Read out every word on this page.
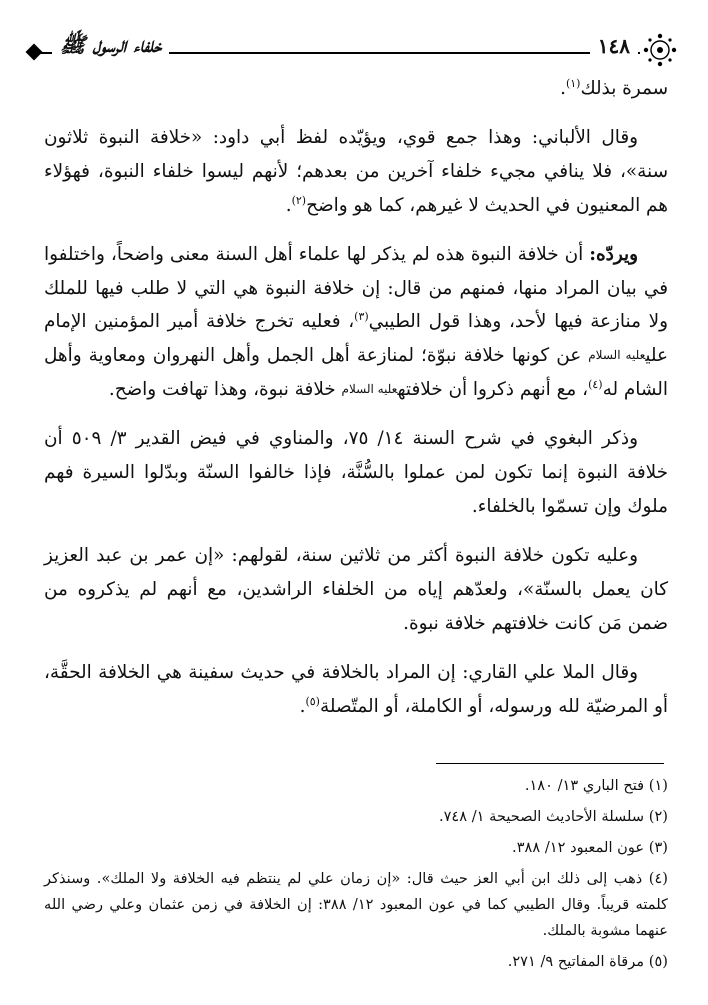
خلفاء الرسول ﷺ	١٤٨

سمرة بذلك$^{(١)}$.

وقال الألباني: وهذا جمع قوي، ويؤيّده لفظ أبي داود: «خلافة النبوة ثلاثون سنة»، فلا ينافي مجيء خلفاء آخرين من بعدهم؛ لأنهم ليسوا خلفاء النبوة، فهؤلاء هم المعنيون في الحديث لا غيرهم، كما هو واضح$^{(٢)}$.

ويردّه: أن خلافة النبوة هذه لم يذكر لها علماء أهل السنة معنى واضحاً، واختلفوا في بيان المراد منها، فمنهم من قال: إن خلافة النبوة هي التي لا طلب فيها للملك ولا منازعة فيها لأحد، وهذا قول الطيبي$^{(٣)}$، فعليه تخرج خلافة أمير المؤمنين الإمام عليعليه السلام عن كونها خلافة نبوّة؛ لمنازعة أهل الجمل وأهل النهروان ومعاوية وأهل الشام له$^{(٤)}$، مع أنهم ذكروا أن خلافتهعليه السلام خلافة نبوة، وهذا تهافت واضح.

وذكر البغوي في شرح السنة ١٤/ ٧٥، والمناوي في فيض القدير ٣/ ٥٠٩ أن خلافة النبوة إنما تكون لمن عملوا بالسُّنَّة، فإذا خالفوا السنّة وبدّلوا السيرة فهم ملوك وإن تسمّوا بالخلفاء.

وعليه تكون خلافة النبوة أكثر من ثلاثين سنة، لقولهم: «إن عمر بن عبد العزيز كان يعمل بالسنّة»، ولعدّهم إياه من الخلفاء الراشدين، مع أنهم لم يذكروه من ضمن مَن كانت خلافتهم خلافة نبوة.

وقال الملا علي القاري: إن المراد بالخلافة في حديث سفينة هي الخلافة الحقَّة، أو المرضيّة لله ورسوله، أو الكاملة، أو المتّصلة$^{(٥)}$.

(١) فتح الباري ١٣/ ١٨٠.

(٢) سلسلة الأحاديث الصحيحة ١/ ٧٤٨.

(٣) عون المعبود ١٢/ ٣٨٨.

(٤) ذهب إلى ذلك ابن أبي العز حيث قال: «إن زمان علي لم ينتظم فيه الخلافة ولا الملك». وسنذكر كلمته قريباً. وقال الطيبي كما في عون المعبود ١٢/ ٣٨٨: إن الخلافة في زمن عثمان وعلي رضي الله عنهما مشوبة بالملك.

(٥) مرقاة المفاتيح ٩/ ٢٧١.
